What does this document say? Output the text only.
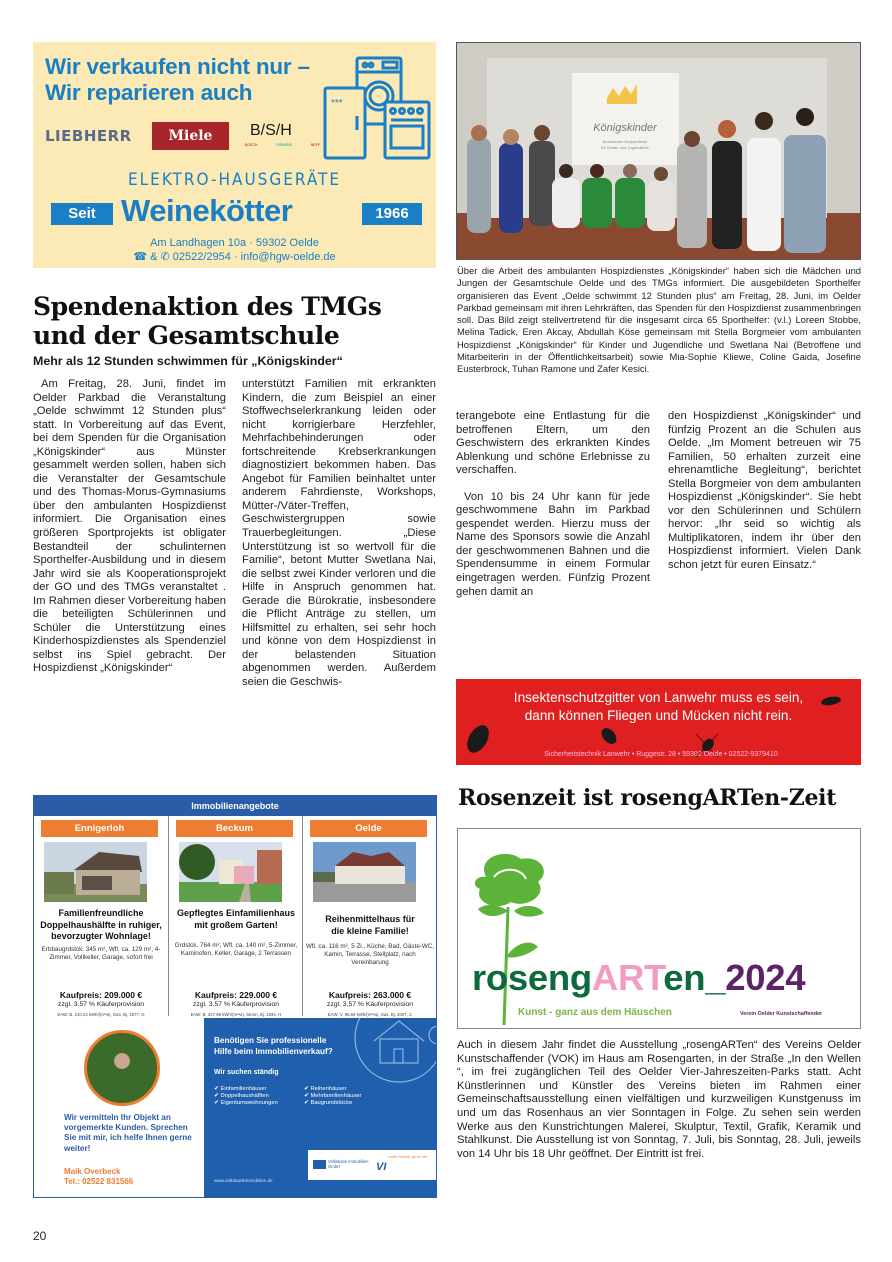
Wir verkaufen nicht nur –
Wir reparieren auch
LIEBHERR	Miele	B/S/H
BOSCH	SIEMENS	NEFF
***
ELEKTRO-HAUSGERÄTE
Seit Weinekötter	1966
Am Landhagen 10a · 59302 Oelde
☎ & ✆ 02522/2954 · info@hgw-oelde.de
Königskinder
Ambulanter Hospizdienst
für Kinder und Jugendliche
Über die Arbeit des ambulanten Hospizdienstes „Königskinder“ haben sich die Mädchen und Jungen der Gesamtschule Oelde und des TMGs informiert. Die ausgebildeten Sporthelfer organisieren das Event „Oelde schwimmt 12 Stunden plus“ am Freitag, 28. Juni, im Oelder Parkbad gemeinsam mit ihren Lehrkräften, das Spenden für den Hospizdienst zusammenbringen soll. Das Bild zeigt stellvertretend für die insgesamt circa 65 Sporthelfer: (v.l.) Loreen Stobbe, Melina Tadick, Eren Akcay, Abdullah Köse gemeinsam mit Stella Borgmeier vom ambulanten Hospizdienst „Königskinder“ für Kinder und Jugendliche und Swetlana Nai (Betroffene und Mitarbeiterin in der Öffentlichkeitsarbeit) sowie Mia-Sophie Kliewe, Coline Gaida, Josefine Eusterbrock, Tuhan Ramone und Zafer Kesici.
Spendenaktion des TMGs
und der Gesamtschule
Mehr als 12 Stunden schwimmen für „Königskinder“

Am Freitag, 28. Juni, findet im Oelder Parkbad die Veranstaltung „Oelde schwimmt 12 Stunden plus“ statt. In Vorbereitung auf das Event, bei dem Spenden für die Organisation „Königskinder“ aus Münster gesammelt werden sollen, haben sich die Veranstalter der Gesamtschule und des Thomas-Morus-Gymnasiums über den ambulanten Hospizdienst informiert. Die Organisation eines größeren Sportprojekts ist obligater Bestandteil der schulinternen Sporthelfer-Ausbildung und in diesem Jahr wird sie als Kooperationsprojekt der GO und des TMGs veranstaltet . Im Rahmen dieser Vorbereitung haben die beteiligten Schülerinnen und Schüler die Unterstützung eines Kinderhospizdienstes als Spendenziel selbst ins Spiel gebracht. Der Hospizdienst „Königskinder“

unterstützt Familien mit erkrankten Kindern, die zum Beispiel an einer Stoffwechselerkrankung leiden oder nicht korrigierbare Herzfehler, Mehrfachbehinderungen oder fortschreitende Krebserkrankungen diagnostiziert bekommen haben. Das Angebot für Familien beinhaltet unter anderem Fahrdienste, Workshops, Mütter-/Väter-Treffen, Geschwistergruppen sowie Trauerbegleitungen. „Diese Unterstützung ist so wertvoll für die Familie“, betont Mutter Swetlana Nai, die selbst zwei Kinder verloren und die Hilfe in Anspruch genommen hat. Gerade die Bürokratie, insbesondere die Pflicht Anträge zu stellen, um Hilfsmittel zu erhalten, sei sehr hoch und könne von dem Hospizdienst in der belastenden Situation abgenommen werden. Außerdem seien die Geschwis-

terangebote eine Entlastung für die betroffenen Eltern, um den Geschwistern des erkrankten Kindes Ablenkung und schöne Erlebnisse zu verschaffen.

Von 10 bis 24 Uhr kann für jede geschwommene Bahn im Parkbad gespendet werden. Hierzu muss der Name des Sponsors sowie die Anzahl der geschwommenen Bahnen und die Spendensumme in einem Formular eingetragen werden. Fünfzig Prozent gehen damit an

den Hospizdienst „Königskinder“ und fünfzig Prozent an die Schulen aus Oelde. „Im Moment betreuen wir 75 Familien, 50 erhalten zurzeit eine ehrenamtliche Begleitung“, berichtet Stella Borgmeier von dem ambulanten Hospizdienst „Königskinder“. Sie hebt vor den Schülerinnen und Schülern hervor: „Ihr seid so wichtig als Multiplikatoren, indem ihr über den Hospizdienst informiert. Vielen Dank schon jetzt für euren Einsatz.“

Insektenschutzgitter von Lanwehr muss es sein,
dann können Fliegen und Mücken nicht rein.
Sicherheitstechnik Lanwehr • Ruggestr. 28 • 59302 Oelde • 02522-9379410
Immobilienangebote
Ennigerloh
Familienfreundliche Doppelhaushälfte in ruhiger, bevorzugter Wohnlage!
Erbbaugrdstck. 345 m², Wfl. ca. 129 m², 4-Zimmer, Vollkeller, Garage, sofort frei
Kaufpreis: 209.000 €
zzgl. 3,57 % Käuferprovision
EAW: B, 210,24 kWh/(m²•a), Gas, Bj. 1977, G
Beckum
Gepflegtes Einfamilienhaus mit großem Garten!
Grdstck. 764 m², Wfl. ca. 140 m², 5-Zimmer, Kaminofen, Keller, Garage, 2 Terrassen
Kaufpreis: 229.000 €
zzgl. 3,57 % Käuferprovision
EAW: B, 347,89 kWh/(m²•a), Strom, Bj. 1934, H
Oelde
Reihenmittelhaus für die kleine Familie!
Wfl. ca. 116 m², 5 Zi., Küche, Bad, Gäste-WC, Kamin, Terrasse, Stellplatz, nach Vereinbarung
Kaufpreis: 263.000 €
zzgl. 3,57 % Käuferprovision
EAW: V, 96,59 kWh/(m²•a), Gas, Bj. 2007, C
Wir vermitteln Ihr Objekt an vorgemerkte Kunden. Sprechen Sie mit mir, ich helfe Ihnen gerne weiter!
Maik Overbeck
Tel.: 02522 831566
Benötigen Sie professionelle Hilfe beim Immobilienverkauf?
Wir suchen ständig
✔ Einfamilienhäuser
✔ Doppelhaushälften
✔ Eigentumswohnungen
✔ Reihenhäuser
✔ Mehrfamilienhäuser
✔ Baugrundstücke
www.volksbankimmobilien.de
Volksbank Immobilien GmbH	VI
Lieber Heimat, gerne hier
Rosenzeit ist rosengARTen-Zeit
rosengARTen_2024
Kunst - ganz aus dem Häuschen	Verein Oelder Kunstschaffender
Auch in diesem Jahr findet die Ausstellung „rosengARTen“ des Vereins Oelder Kunstschaffender (VOK) im Haus am Rosengarten, in der Straße „In den Wellen “, im frei zugänglichen Teil des Oelder Vier-Jahreszeiten-Parks statt. Acht Künstlerinnen und Künstler des Vereins bieten im Rahmen einer Gemeinschaftsausstellung einen vielfältigen und kurzweiligen Kunstgenuss im und um das Rosenhaus an vier Sonntagen in Folge. Zu sehen sein werden Werke aus den Kunstrichtungen Malerei, Skulptur, Textil, Grafik, Keramik und Stahlkunst. Die Ausstellung ist von Sonntag, 7. Juli, bis Sonntag, 28. Juli, jeweils von 14 Uhr bis 18 Uhr geöffnet. Der Eintritt ist frei.
20
